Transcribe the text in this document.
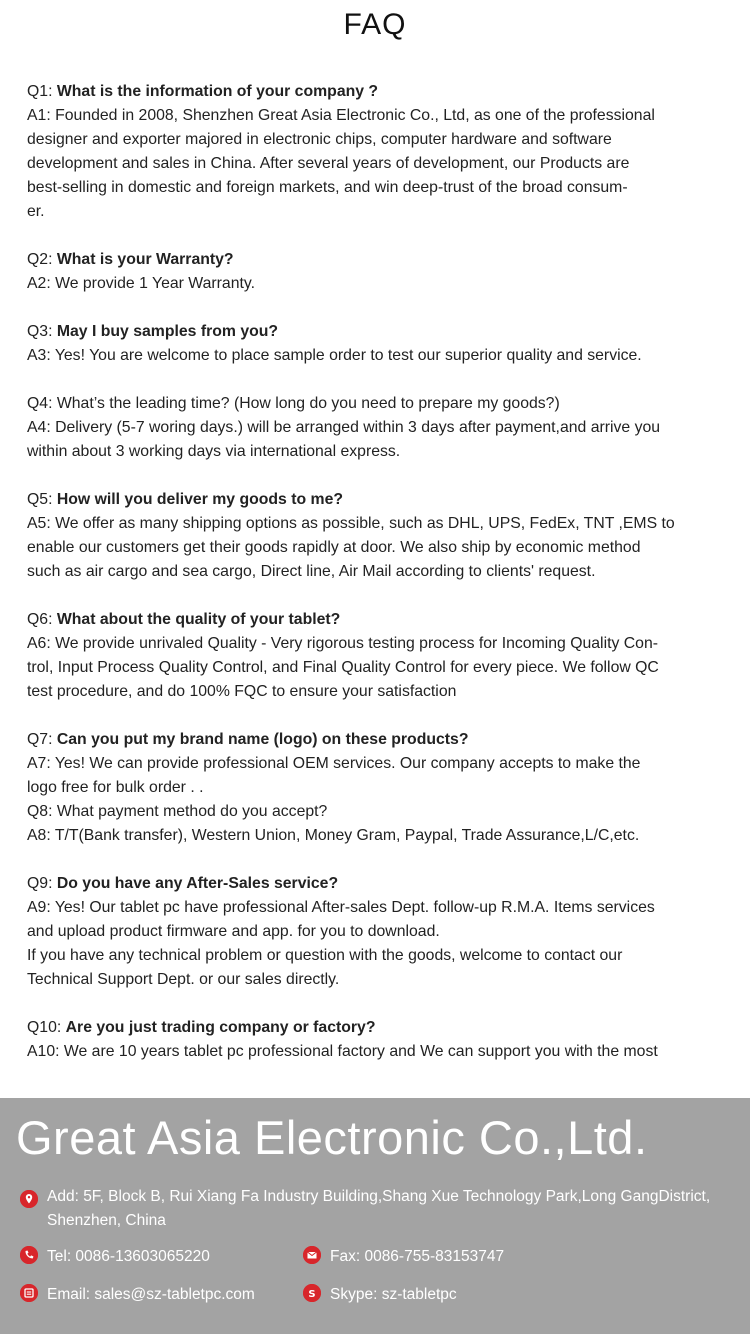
FAQ
Q1: What is the information of your company ?
A1: Founded in 2008, Shenzhen Great Asia Electronic Co., Ltd, as one of the professional
designer and exporter majored in electronic chips, computer hardware and software
development and sales in China. After several years of development, our Products are
best-selling in domestic and foreign markets, and win deep-trust of the broad consum-
er.
Q2: What is your Warranty?
A2: We provide 1 Year Warranty.
Q3: May I buy samples from you?
A3: Yes! You are welcome to place sample order to test our superior quality and service.
Q4: What’s the leading time? (How long do you need to prepare my goods?)
A4: Delivery (5-7 woring days.) will be arranged within 3 days after payment,and arrive you
within about 3 working days via international express.
Q5: How will you deliver my goods to me?
A5: We offer as many shipping options as possible, such as DHL, UPS, FedEx, TNT ,EMS to
enable our customers get their goods rapidly at door. We also ship by economic method
such as air cargo and sea cargo, Direct line, Air Mail according to clients' request.
Q6: What about the quality of your tablet?
A6: We provide unrivaled Quality - Very rigorous testing process for Incoming Quality Con-
trol, Input Process Quality Control, and Final Quality Control for every piece. We follow QC
test procedure, and do 100% FQC to ensure your satisfaction
Q7: Can you put my brand name (logo) on these products?
A7: Yes! We can provide professional OEM services. Our company accepts to make the
logo free for bulk order . .
Q8: What payment method do you accept?
A8: T/T(Bank transfer), Western Union, Money Gram, Paypal, Trade Assurance,L/C,etc.
Q9: Do you have any After-Sales service?
A9: Yes! Our tablet pc have professional After-sales Dept. follow-up R.M.A. Items services
and upload product firmware and app. for you to download.
If you have any technical problem or question with the goods, welcome to contact our
Technical Support Dept. or our sales directly.
Q10: Are you just trading company or factory?
A10: We are 10 years tablet pc professional factory and We can support you with the most
Great Asia Electronic Co.,Ltd.
Add: 5F, Block B, Rui Xiang Fa Industry Building,Shang Xue Technology Park,Long GangDistrict,
Shenzhen, China
Tel: 0086-13603065220	Fax: 0086-755-83153747
Email: sales@sz-tabletpc.com	S Skype: sz-tabletpc
